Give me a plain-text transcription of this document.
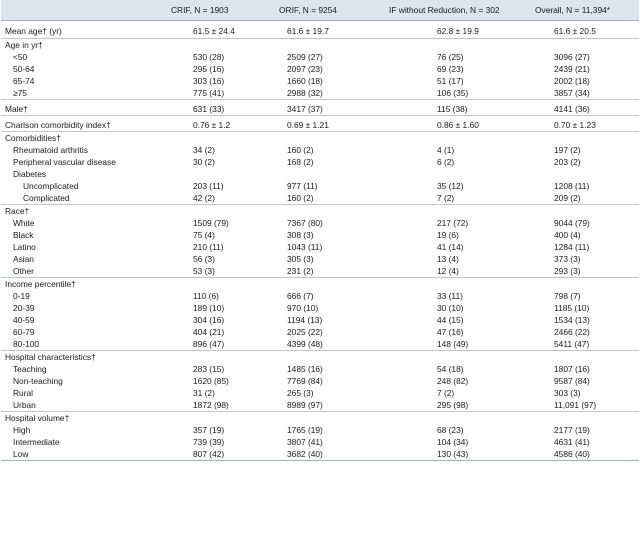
	CRIF, N = 1903	ORIF, N = 9254	IF without Reduction, N = 302	Overall, N = 11,394*
Mean age† (yr)	61.5 ± 24.4	61.6 ± 19.7	62.8 ± 19.9	61.6 ± 20.5
Age in yr†				
<50	530 (28)	2509 (27)	76 (25)	3096 (27)
50-64	295 (16)	2097 (23)	69 (23)	2439 (21)
65-74	303 (16)	1660 (18)	51 (17)	2002 (18)
≥75	775 (41)	2988 (32)	106 (35)	3857 (34)
Male†	631 (33)	3417 (37)	115 (38)	4141 (36)
Charlson comorbidity index†	0.76 ± 1.2	0.69 ± 1.21	0.86 ± 1.60	0.70 ± 1.23
Comorbidities†				
Rheumatoid arthritis	34 (2)	160 (2)	4 (1)	197 (2)
Peripheral vascular disease	30 (2)	168 (2)	6 (2)	203 (2)
Diabetes				
Uncomplicated	203 (11)	977 (11)	35 (12)	1208 (11)
Complicated	42 (2)	160 (2)	7 (2)	209 (2)
Race†				
White	1509 (79)	7367 (80)	217 (72)	9044 (79)
Black	75 (4)	308 (3)	19 (6)	400 (4)
Latino	210 (11)	1043 (11)	41 (14)	1284 (11)
Asian	56 (3)	305 (3)	13 (4)	373 (3)
Other	53 (3)	231 (2)	12 (4)	293 (3)
Income percentile†				
0-19	110 (6)	666 (7)	33 (11)	798 (7)
20-39	189 (10)	970 (10)	30 (10)	1185 (10)
40-59	304 (16)	1194 (13)	44 (15)	1534 (13)
60-79	404 (21)	2025 (22)	47 (16)	2466 (22)
80-100	896 (47)	4399 (48)	148 (49)	5411 (47)
Hospital characteristics†				
Teaching	283 (15)	1485 (16)	54 (18)	1807 (16)
Non-teaching	1620 (85)	7769 (84)	248 (82)	9587 (84)
Rural	31 (2)	265 (3)	7 (2)	303 (3)
Urban	1872 (98)	8989 (97)	295 (98)	11,091 (97)
Hospital volume†				
High	357 (19)	1765 (19)	68 (23)	2177 (19)
Intermediate	739 (39)	3807 (41)	104 (34)	4631 (41)
Low	807 (42)	3682 (40)	130 (43)	4586 (40)
